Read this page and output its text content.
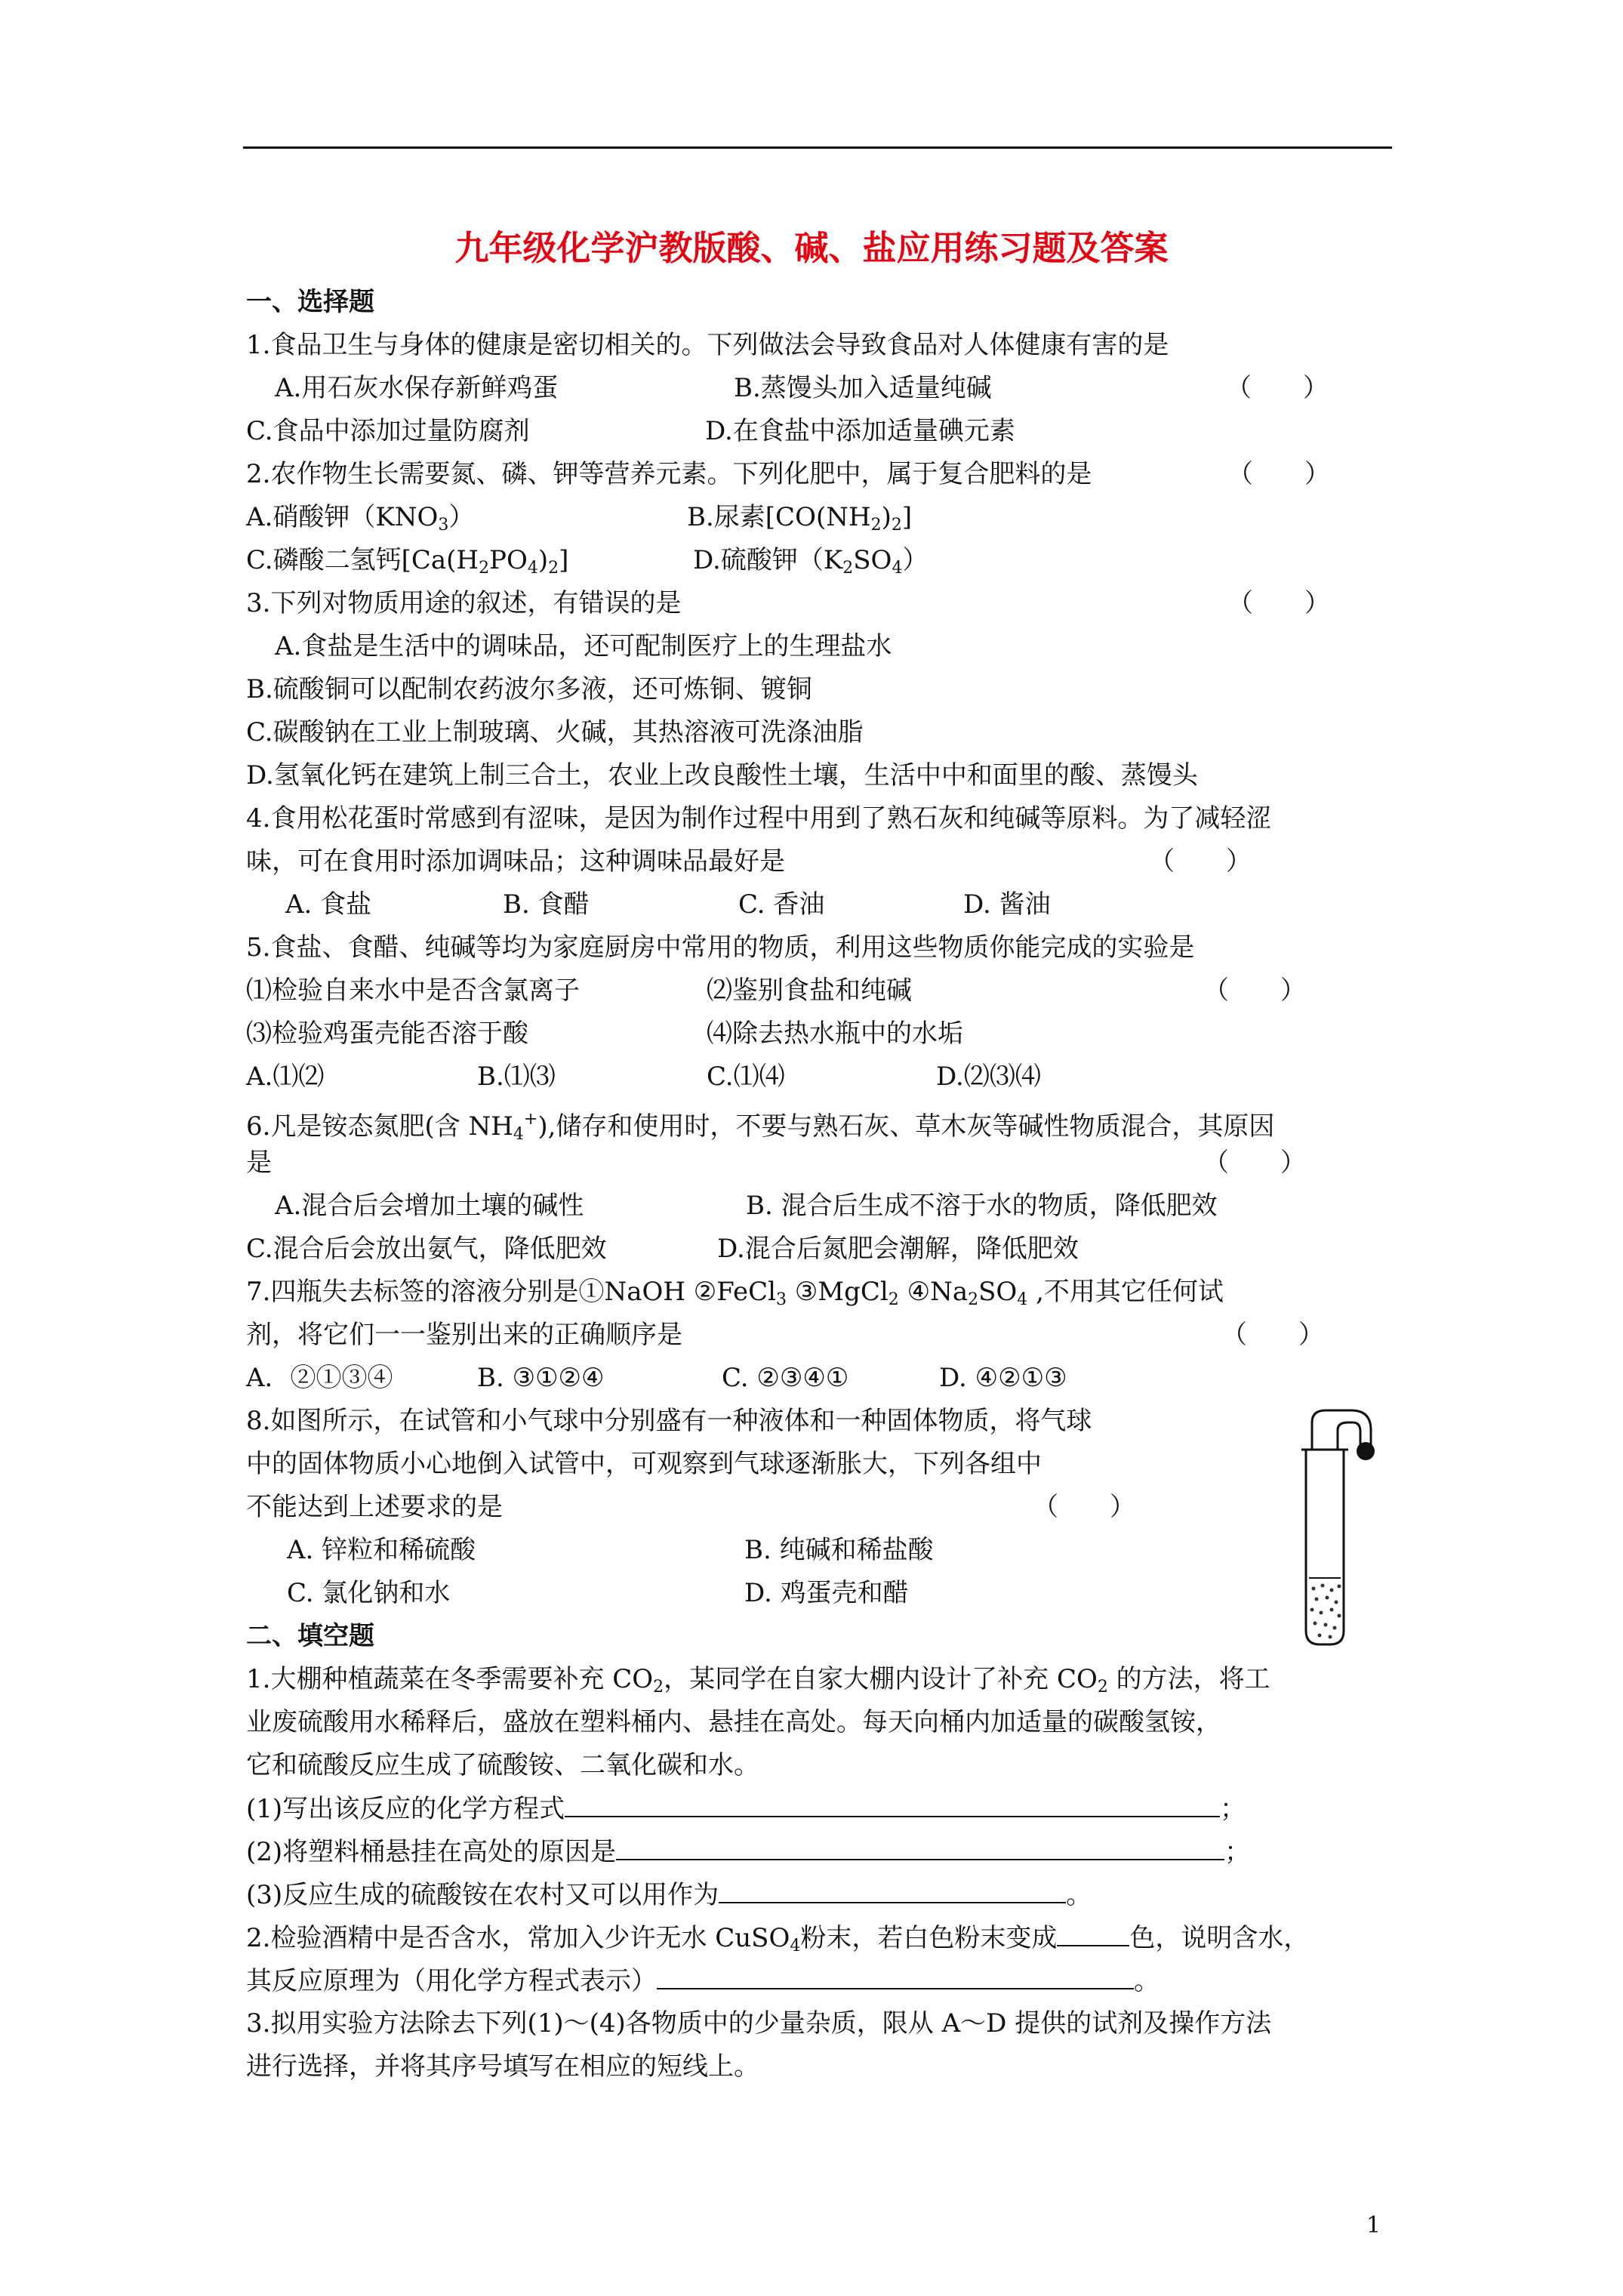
九年级化学沪教版酸、碱、盐应用练习题及答案
一、选择题
1.食品卫生与身体的健康是密切相关的。下列做法会导致食品对人体健康有害的是
A.用石灰水保存新鲜鸡蛋	B.蒸馒头加入适量纯碱	（　　）
C.食品中添加过量防腐剂	D.在食盐中添加适量碘元素
2.农作物生长需要氮、磷、钾等营养元素。下列化肥中，属于复合肥料的是	（　　）
A.硝酸钾$(KNO_3)$	B.尿素$[CO(NH_2)_2]$
C.磷酸二氢钙$[Ca(H_2PO_4)_2]$	D.硫酸钾$(K_2SO_4)$
3.下列对物质用途的叙述，有错误的是	（　　）
A.食盐是生活中的调味品，还可配制医疗上的生理盐水
B.硫酸铜可以配制农药波尔多液，还可炼铜、镀铜
C.碳酸钠在工业上制玻璃、火碱，其热溶液可洗涤油脂
D.氢氧化钙在建筑上制三合土，农业上改良酸性土壤，生活中中和面里的酸、蒸馒头
4.食用松花蛋时常感到有涩味，是因为制作过程中用到了熟石灰和纯碱等原料。为了减轻涩
味，可在食用时添加调味品；这种调味品最好是	（　　）
A. 食盐	B. 食醋	C. 香油	D. 酱油
5.食盐、食醋、纯碱等均为家庭厨房中常用的物质，利用这些物质你能完成的实验是
⑴检验自来水中是否含氯离子	⑵鉴别食盐和纯碱	（　　）
⑶检验鸡蛋壳能否溶于酸	⑷除去热水瓶中的水垢
A.⑴⑵	B.⑴⑶	C.⑴⑷	D.⑵⑶⑷
6.凡是铵态氮肥(含 $NH_4^+$),储存和使用时，不要与熟石灰、草木灰等碱性物质混合，其原因
是	（　　）
A.混合后会增加土壤的碱性	B. 混合后生成不溶于水的物质，降低肥效
C.混合后会放出氨气，降低肥效	D.混合后氮肥会潮解，降低肥效
7.四瓶失去标签的溶液分别是①NaOH ②FeCl$_3$ ③MgCl$_2$ $④Na_2SO_4$ ,不用其它任何试
剂，将它们一一鉴别出来的正确顺序是	（　　）
A．②①③④	B. ③①②④	C. ②③④①	D. ④②①③
8.如图所示，在试管和小气球中分别盛有一种液体和一种固体物质，将气球
中的固体物质小心地倒入试管中，可观察到气球逐渐胀大，下列各组中
不能达到上述要求的是	（　　）
A. 锌粒和稀硫酸	B. 纯碱和稀盐酸
C. 氯化钠和水	D. 鸡蛋壳和醋
二、填空题
1.大棚种植蔬菜在冬季需要补充 $CO_2$，某同学在自家大棚内设计了补充 $CO_2$ 的方法，将工
业废硫酸用水稀释后，盛放在塑料桶内、悬挂在高处。每天向桶内加适量的碳酸氢铵，
它和硫酸反应生成了硫酸铵、二氧化碳和水。
(1)写出该反应的化学方程式	；
(2)将塑料桶悬挂在高处的原因是	；
(3)反应生成的硫酸铵在农村又可以用作为	。
2.检验酒精中是否含水，常加入少许无水 CuSO$_4$粉末，若白色粉末变成	色，说明含水，
其反应原理为（用化学方程式表示）	。
3.拟用实验方法除去下列(1)～(4)各物质中的少量杂质，限从 A～D 提供的试剂及操作方法
进行选择，并将其序号填写在相应的短线上。
1
